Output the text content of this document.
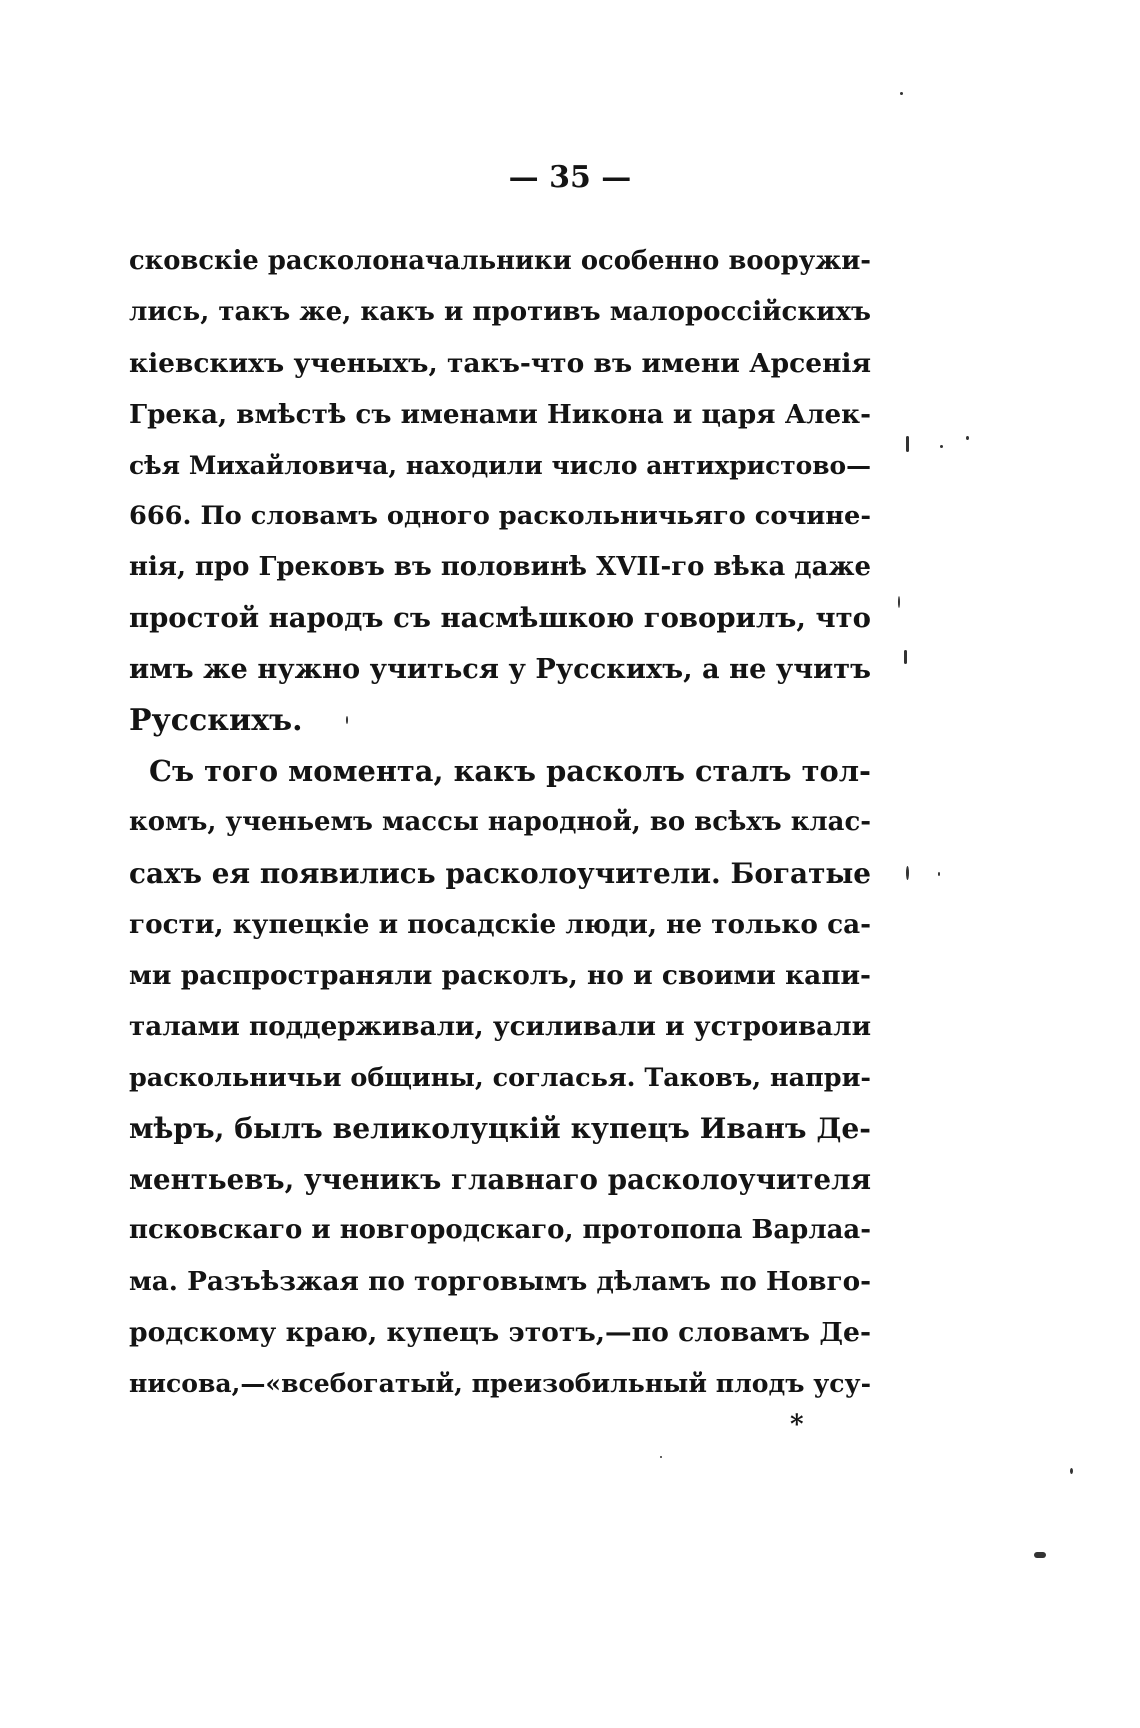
— 35 —
сковскіе расколоначальники особенно вооружи-
лись, такъ же, какъ и противъ малороссійскихъ
кіевскихъ ученыхъ, такъ-что въ имени Арсенія
Грека, вмѣстѣ съ именами Никона и царя Алек-
сѣя Михайловича, находили число антихристово—
666. По словамъ одного раскольничьяго сочине-
нія, про Грековъ въ половинѣ XVII-го вѣка даже
простой народъ съ насмѣшкою говорилъ, что
имъ же нужно учиться у Русскихъ, а не учитъ
Русскихъ.
Съ того момента, какъ расколъ сталъ тол-
комъ, ученьемъ массы народной, во всѣхъ клас-
сахъ ея появились расколоучители. Богатые
гости, купецкіе и посадскіе люди, не только са-
ми распространяли расколъ, но и своими капи-
талами поддерживали, усиливали и устроивали
раскольничьи общины, согласья. Таковъ, напри-
мѣръ, былъ великолуцкій купецъ Иванъ Де-
ментьевъ, ученикъ главнаго расколоучителя
псковскаго и новгородскаго, протопопа Варлаа-
ма. Разъѣзжая по торговымъ дѣламъ по Новго-
родскому краю, купецъ этотъ,—по словамъ Де-
нисова,—«всебогатый, преизобильный плодъ усу-
*
